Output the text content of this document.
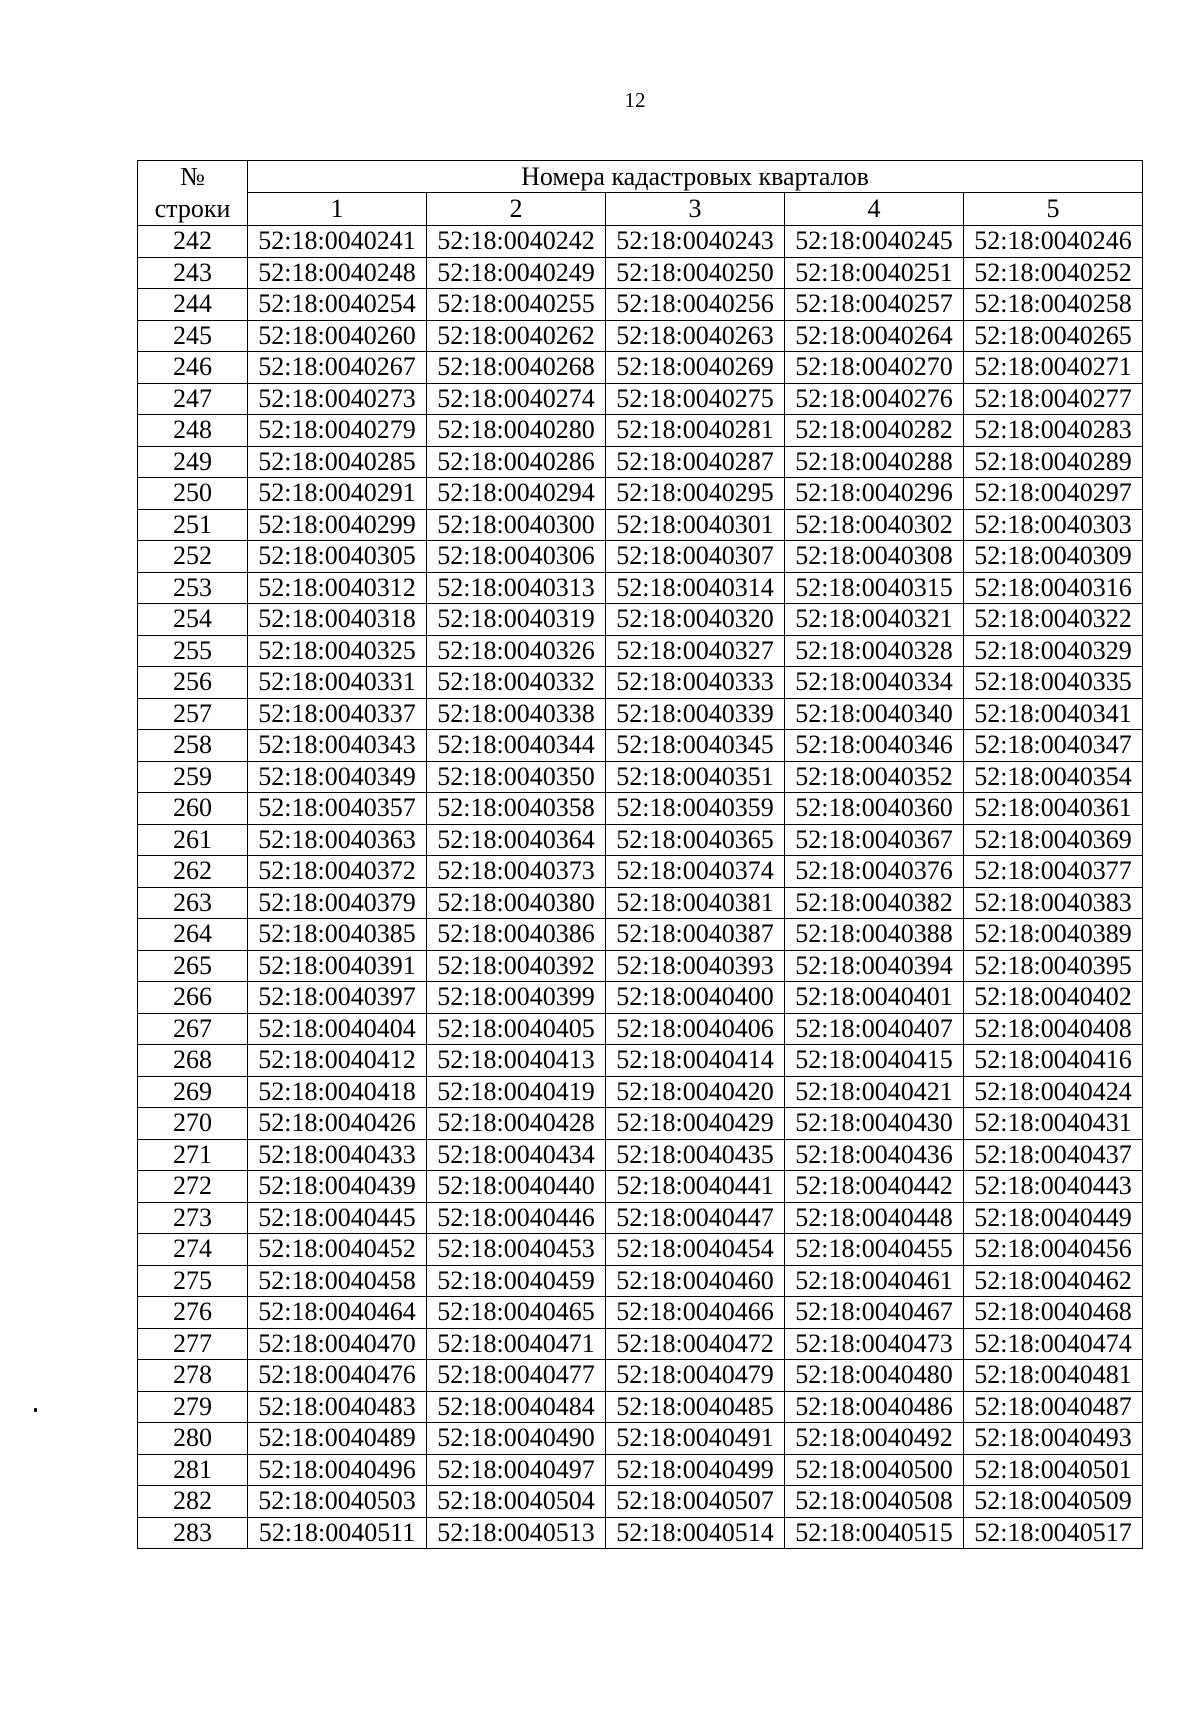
12
№
строки	Номера кадастровых кварталов				
	1	2	3	4	5
242	52:18:0040241	52:18:0040242	52:18:0040243	52:18:0040245	52:18:0040246
243	52:18:0040248	52:18:0040249	52:18:0040250	52:18:0040251	52:18:0040252
244	52:18:0040254	52:18:0040255	52:18:0040256	52:18:0040257	52:18:0040258
245	52:18:0040260	52:18:0040262	52:18:0040263	52:18:0040264	52:18:0040265
246	52:18:0040267	52:18:0040268	52:18:0040269	52:18:0040270	52:18:0040271
247	52:18:0040273	52:18:0040274	52:18:0040275	52:18:0040276	52:18:0040277
248	52:18:0040279	52:18:0040280	52:18:0040281	52:18:0040282	52:18:0040283
249	52:18:0040285	52:18:0040286	52:18:0040287	52:18:0040288	52:18:0040289
250	52:18:0040291	52:18:0040294	52:18:0040295	52:18:0040296	52:18:0040297
251	52:18:0040299	52:18:0040300	52:18:0040301	52:18:0040302	52:18:0040303
252	52:18:0040305	52:18:0040306	52:18:0040307	52:18:0040308	52:18:0040309
253	52:18:0040312	52:18:0040313	52:18:0040314	52:18:0040315	52:18:0040316
254	52:18:0040318	52:18:0040319	52:18:0040320	52:18:0040321	52:18:0040322
255	52:18:0040325	52:18:0040326	52:18:0040327	52:18:0040328	52:18:0040329
256	52:18:0040331	52:18:0040332	52:18:0040333	52:18:0040334	52:18:0040335
257	52:18:0040337	52:18:0040338	52:18:0040339	52:18:0040340	52:18:0040341
258	52:18:0040343	52:18:0040344	52:18:0040345	52:18:0040346	52:18:0040347
259	52:18:0040349	52:18:0040350	52:18:0040351	52:18:0040352	52:18:0040354
260	52:18:0040357	52:18:0040358	52:18:0040359	52:18:0040360	52:18:0040361
261	52:18:0040363	52:18:0040364	52:18:0040365	52:18:0040367	52:18:0040369
262	52:18:0040372	52:18:0040373	52:18:0040374	52:18:0040376	52:18:0040377
263	52:18:0040379	52:18:0040380	52:18:0040381	52:18:0040382	52:18:0040383
264	52:18:0040385	52:18:0040386	52:18:0040387	52:18:0040388	52:18:0040389
265	52:18:0040391	52:18:0040392	52:18:0040393	52:18:0040394	52:18:0040395
266	52:18:0040397	52:18:0040399	52:18:0040400	52:18:0040401	52:18:0040402
267	52:18:0040404	52:18:0040405	52:18:0040406	52:18:0040407	52:18:0040408
268	52:18:0040412	52:18:0040413	52:18:0040414	52:18:0040415	52:18:0040416
269	52:18:0040418	52:18:0040419	52:18:0040420	52:18:0040421	52:18:0040424
270	52:18:0040426	52:18:0040428	52:18:0040429	52:18:0040430	52:18:0040431
271	52:18:0040433	52:18:0040434	52:18:0040435	52:18:0040436	52:18:0040437
272	52:18:0040439	52:18:0040440	52:18:0040441	52:18:0040442	52:18:0040443
273	52:18:0040445	52:18:0040446	52:18:0040447	52:18:0040448	52:18:0040449
274	52:18:0040452	52:18:0040453	52:18:0040454	52:18:0040455	52:18:0040456
275	52:18:0040458	52:18:0040459	52:18:0040460	52:18:0040461	52:18:0040462
276	52:18:0040464	52:18:0040465	52:18:0040466	52:18:0040467	52:18:0040468
277	52:18:0040470	52:18:0040471	52:18:0040472	52:18:0040473	52:18:0040474
278	52:18:0040476	52:18:0040477	52:18:0040479	52:18:0040480	52:18:0040481
279	52:18:0040483	52:18:0040484	52:18:0040485	52:18:0040486	52:18:0040487
280	52:18:0040489	52:18:0040490	52:18:0040491	52:18:0040492	52:18:0040493
281	52:18:0040496	52:18:0040497	52:18:0040499	52:18:0040500	52:18:0040501
282	52:18:0040503	52:18:0040504	52:18:0040507	52:18:0040508	52:18:0040509
283	52:18:0040511	52:18:0040513	52:18:0040514	52:18:0040515	52:18:0040517
